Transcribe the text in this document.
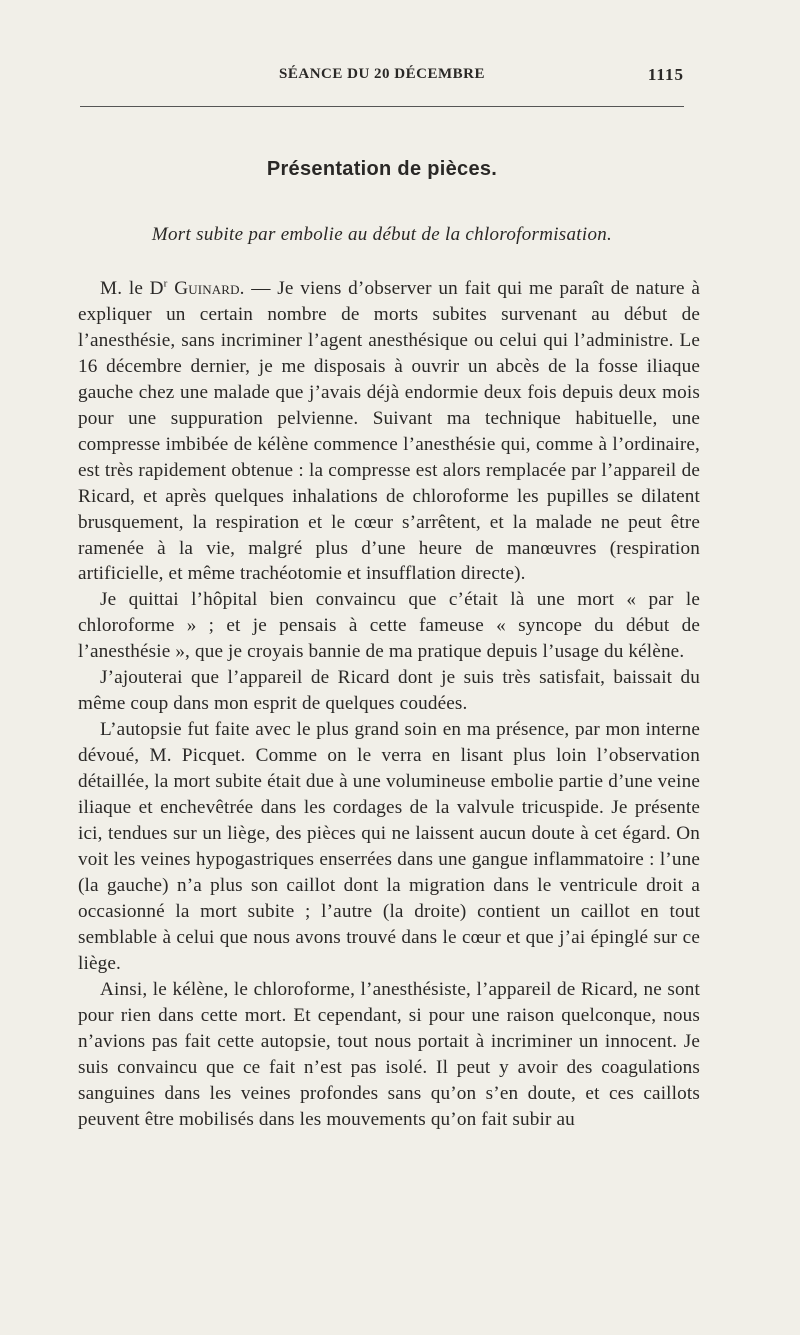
SÉANCE DU 20 DÉCEMBRE	1115
Présentation de pièces.
Mort subite par embolie au début de la chloroformisation.

M. le $D^r$ Guinard. — Je viens d’observer un fait qui me paraît de nature à expliquer un certain nombre de morts subites survenant au début de l’anesthésie, sans incriminer l’agent anesthésique ou celui qui l’administre. Le 16 décembre dernier, je me disposais à ouvrir un abcès de la fosse iliaque gauche chez une malade que j’avais déjà endormie deux fois depuis deux mois pour une suppuration pelvienne. Suivant ma technique habituelle, une compresse imbibée de kélène commence l’anesthésie qui, comme à l’ordinaire, est très rapidement obtenue : la compresse est alors remplacée par l’appareil de Ricard, et après quelques inhalations de chloroforme les pupilles se dilatent brusquement, la respiration et le cœur s’arrêtent, et la malade ne peut être ramenée à la vie, malgré plus d’une heure de manœuvres (respiration artificielle, et même trachéotomie et insufflation directe).

Je quittai l’hôpital bien convaincu que c’était là une mort « par le chloroforme » ; et je pensais à cette fameuse « syncope du début de l’anesthésie », que je croyais bannie de ma pratique depuis l’usage du kélène.

J’ajouterai que l’appareil de Ricard dont je suis très satisfait, baissait du même coup dans mon esprit de quelques coudées.

L’autopsie fut faite avec le plus grand soin en ma présence, par mon interne dévoué, M. Picquet. Comme on le verra en lisant plus loin l’observation détaillée, la mort subite était due à une volumineuse embolie partie d’une veine iliaque et enchevêtrée dans les cordages de la valvule tricuspide. Je présente ici, tendues sur un liège, des pièces qui ne laissent aucun doute à cet égard. On voit les veines hypogastriques enserrées dans une gangue inflammatoire : l’une (la gauche) n’a plus son caillot dont la migration dans le ventricule droit a occasionné la mort subite ; l’autre (la droite) contient un caillot en tout semblable à celui que nous avons trouvé dans le cœur et que j’ai épinglé sur ce liège.

Ainsi, le kélène, le chloroforme, l’anesthésiste, l’appareil de Ricard, ne sont pour rien dans cette mort. Et cependant, si pour une raison quelconque, nous n’avions pas fait cette autopsie, tout nous portait à incriminer un innocent. Je suis convaincu que ce fait n’est pas isolé. Il peut y avoir des coagulations sanguines dans les veines profondes sans qu’on s’en doute, et ces caillots peuvent être mobilisés dans les mouvements qu’on fait subir au
